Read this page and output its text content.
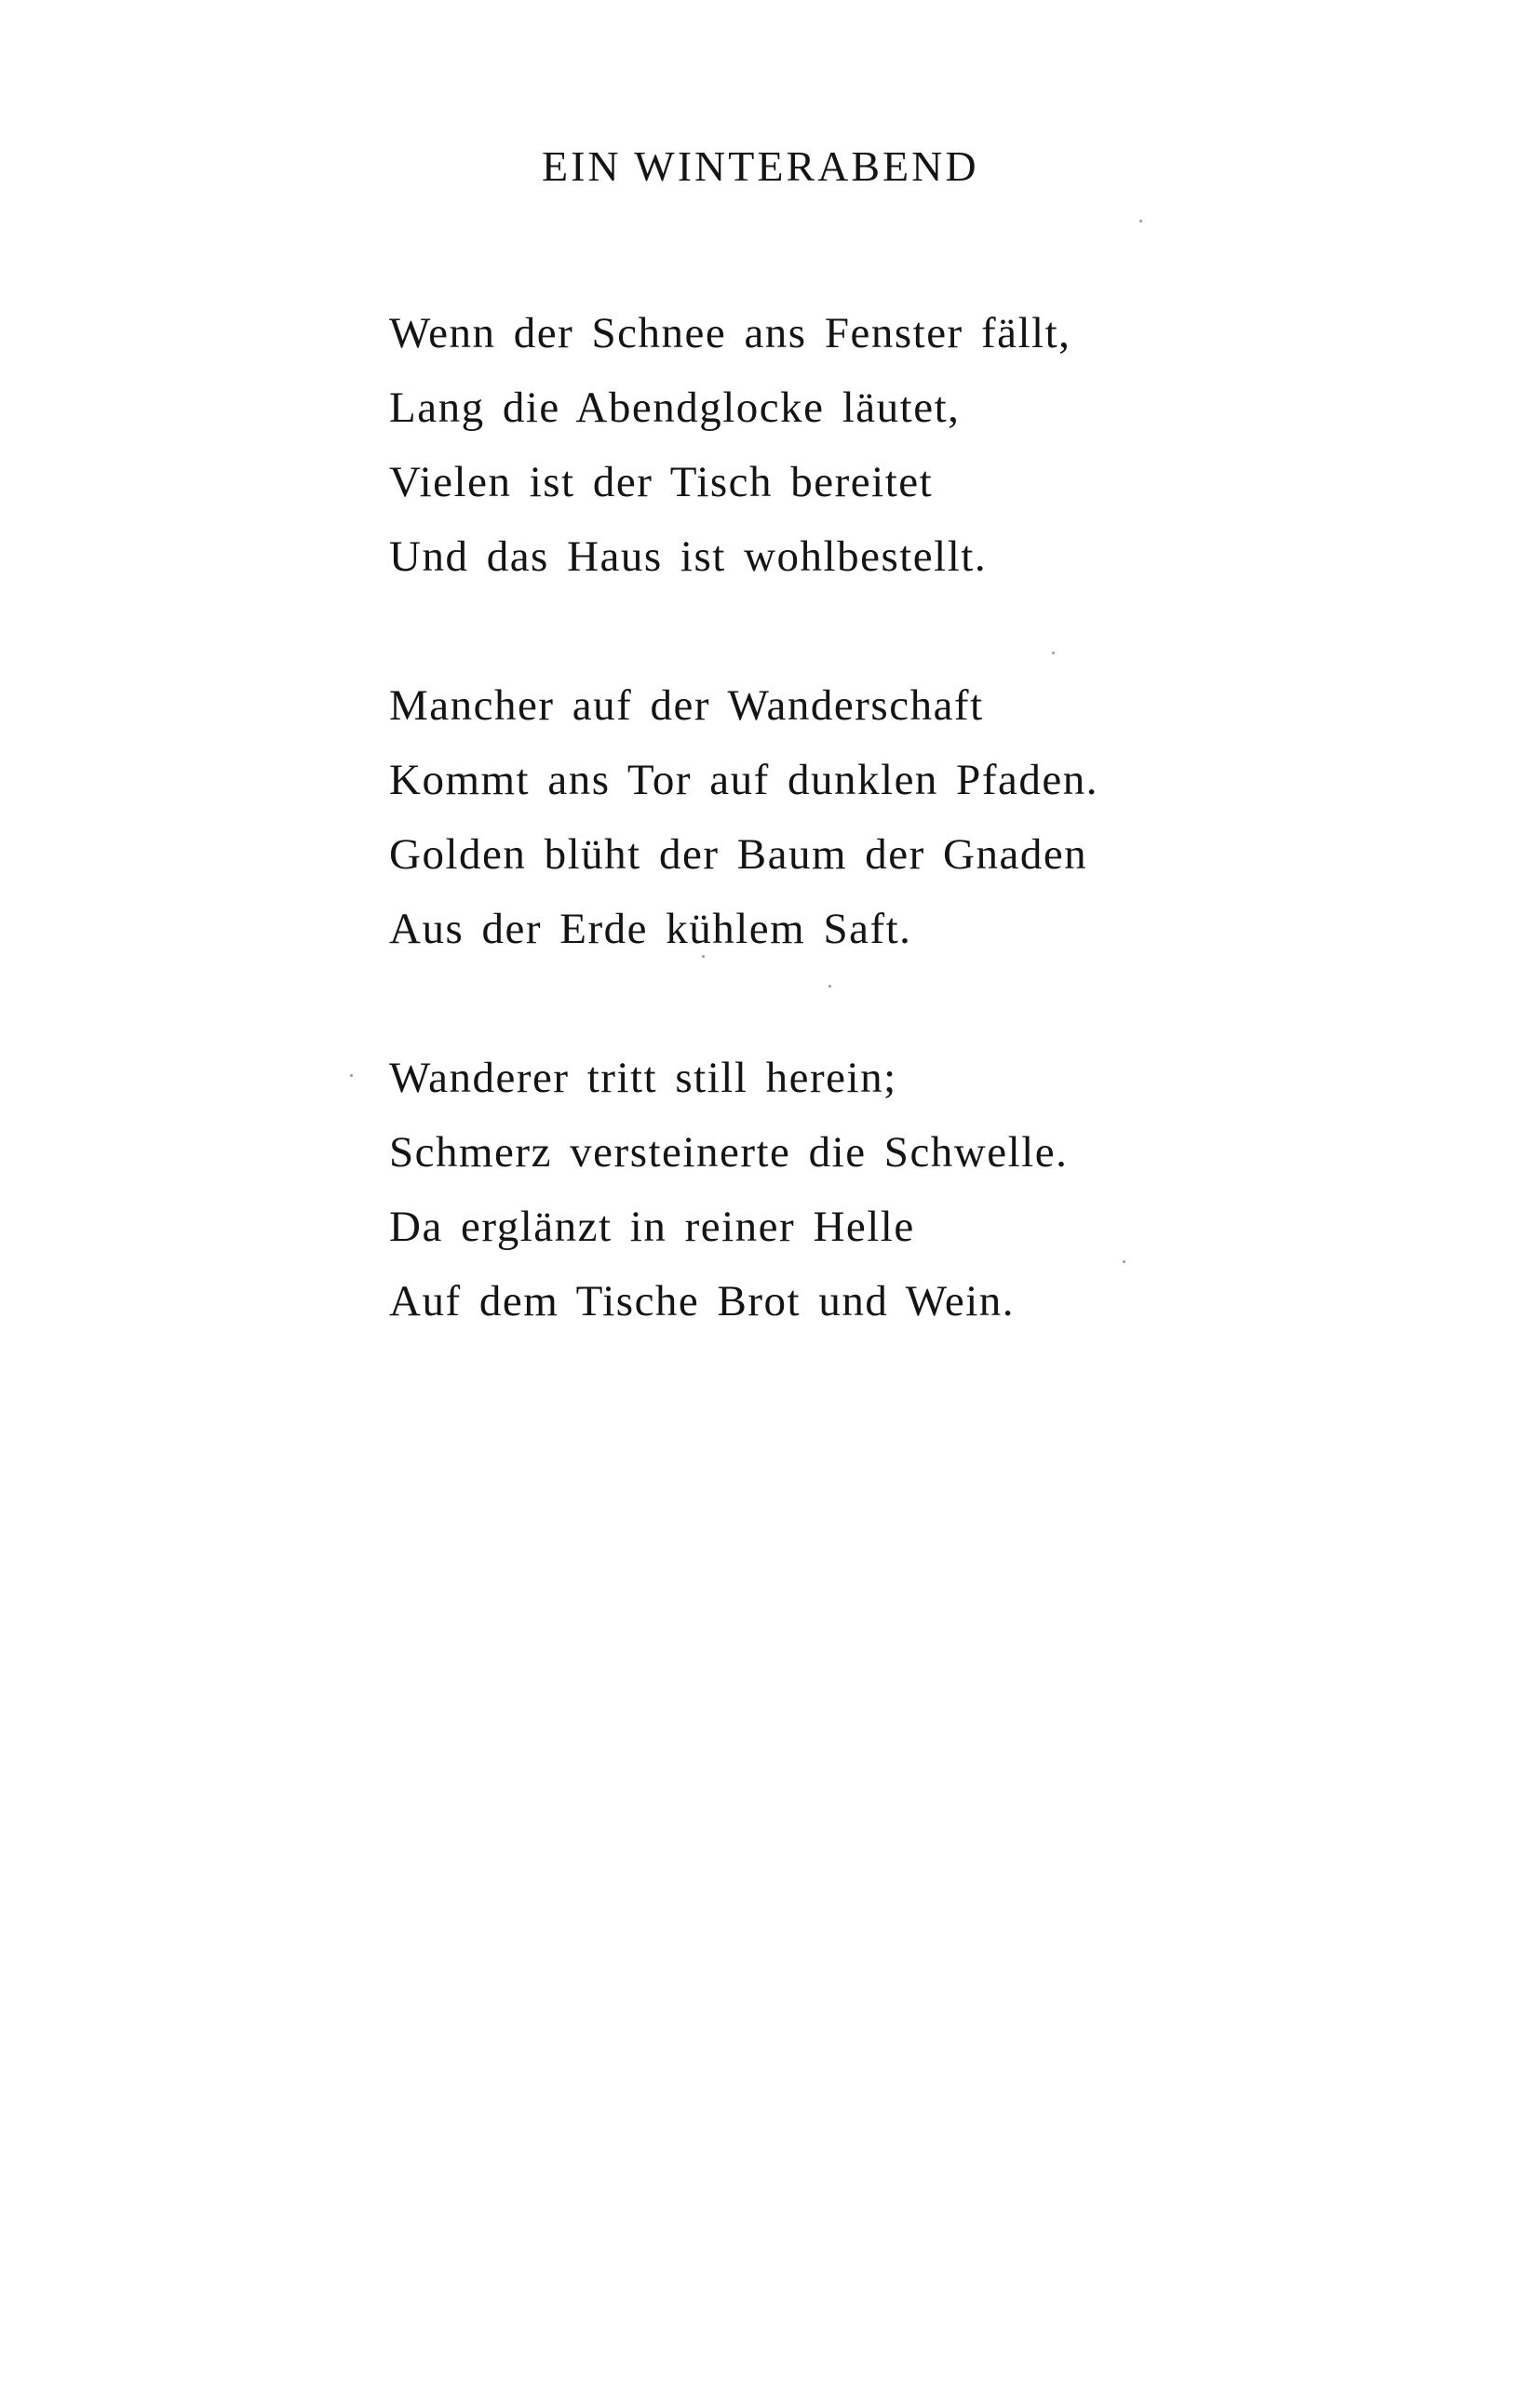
EIN WINTERABEND
Wenn der Schnee ans Fenster fällt,
Lang die Abendglocke läutet,
Vielen ist der Tisch bereitet
Und das Haus ist wohlbestellt.
Mancher auf der Wanderschaft
Kommt ans Tor auf dunklen Pfaden.
Golden blüht der Baum der Gnaden
Aus der Erde kühlem Saft.
Wanderer tritt still herein;
Schmerz versteinerte die Schwelle.
Da erglänzt in reiner Helle
Auf dem Tische Brot und Wein.
